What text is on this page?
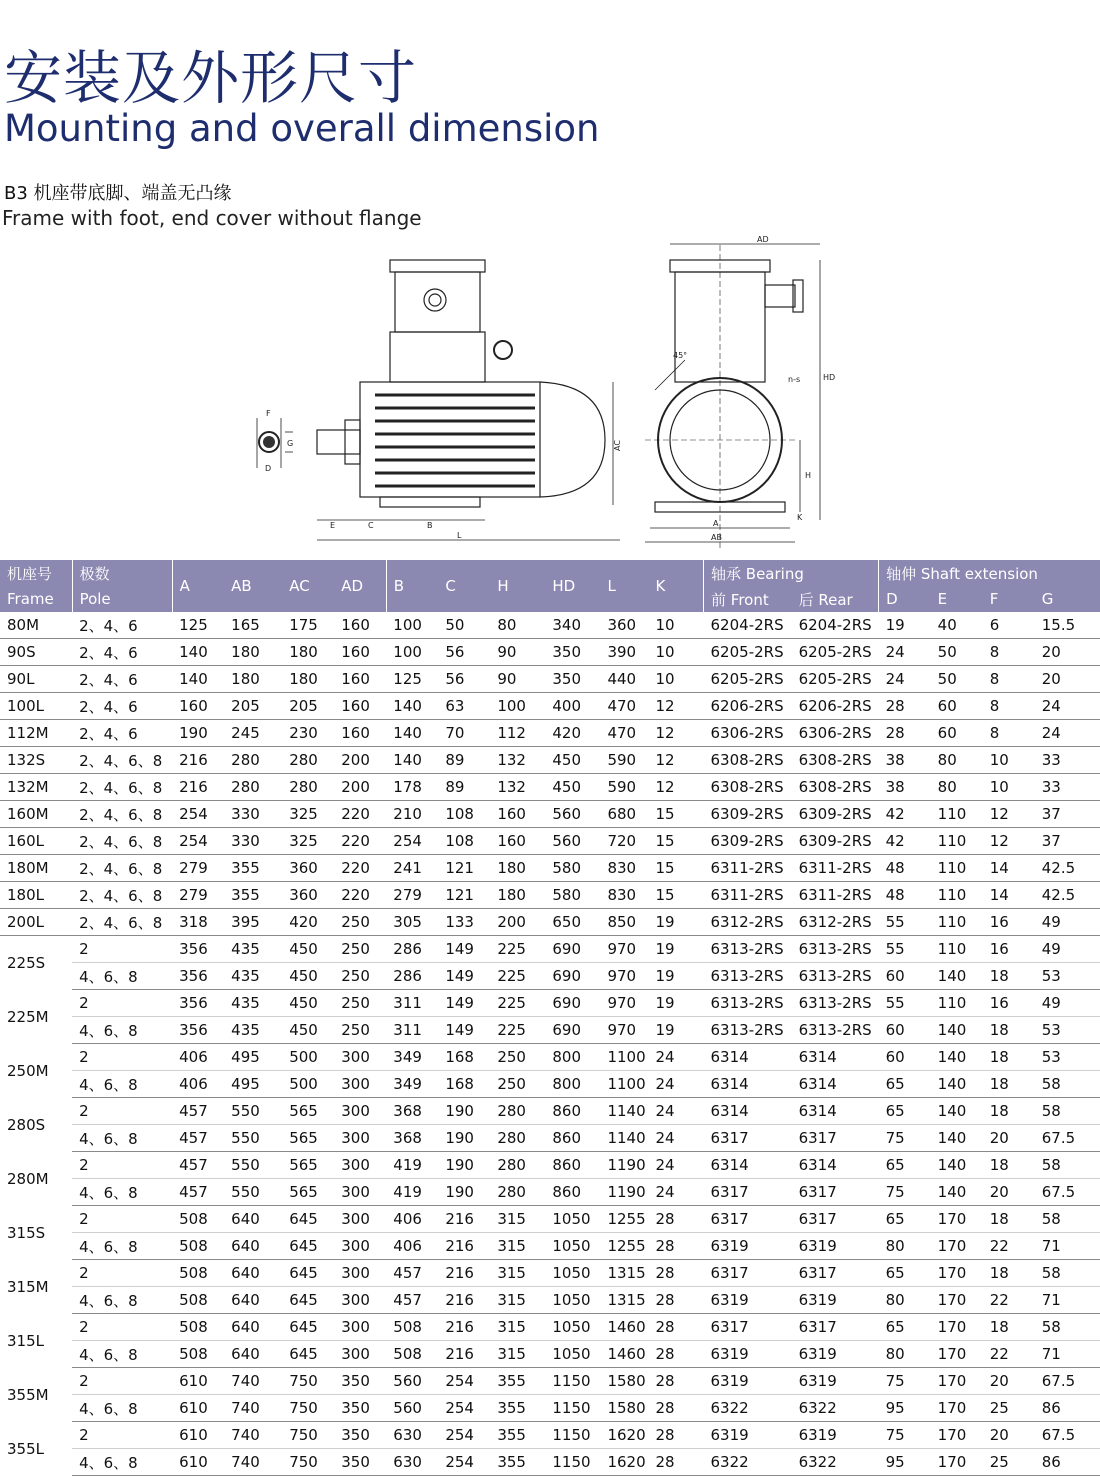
安装及外形尺寸
Mounting and overall dimension
B3 机座带底脚、端盖无凸缘
Frame with foot, end cover without flange
F
G
D
E	C	B
L
AC
AD
HD
H
K
A
AB
n-s
45°
机座号	极数	A	AB	AC	AD	B	C	H	HD	L	K	轴承 Bearing		轴伸 Shaft extension			
Frame	Pole											前 Front	后 Rear	D	E	F	G
80M	2、4、6	125	165	175	160	100	50	80	340	360	10	6204-2RS	6204-2RS	19	40	6	15.5
90S	2、4、6	140	180	180	160	100	56	90	350	390	10	6205-2RS	6205-2RS	24	50	8	20
90L	2、4、6	140	180	180	160	125	56	90	350	440	10	6205-2RS	6205-2RS	24	50	8	20
100L	2、4、6	160	205	205	160	140	63	100	400	470	12	6206-2RS	6206-2RS	28	60	8	24
112M	2、4、6	190	245	230	160	140	70	112	420	470	12	6306-2RS	6306-2RS	28	60	8	24
132S	2、4、6、8	216	280	280	200	140	89	132	450	590	12	6308-2RS	6308-2RS	38	80	10	33
132M	2、4、6、8	216	280	280	200	178	89	132	450	590	12	6308-2RS	6308-2RS	38	80	10	33
160M	2、4、6、8	254	330	325	220	210	108	160	560	680	15	6309-2RS	6309-2RS	42	110	12	37
160L	2、4、6、8	254	330	325	220	254	108	160	560	720	15	6309-2RS	6309-2RS	42	110	12	37
180M	2、4、6、8	279	355	360	220	241	121	180	580	830	15	6311-2RS	6311-2RS	48	110	14	42.5
180L	2、4、6、8	279	355	360	220	279	121	180	580	830	15	6311-2RS	6311-2RS	48	110	14	42.5
200L	2、4、6、8	318	395	420	250	305	133	200	650	850	19	6312-2RS	6312-2RS	55	110	16	49
225S	2	356	435	450	250	286	149	225	690	970	19	6313-2RS	6313-2RS	55	110	16	49
	4、6、8	356	435	450	250	286	149	225	690	970	19	6313-2RS	6313-2RS	60	140	18	53
225M	2	356	435	450	250	311	149	225	690	970	19	6313-2RS	6313-2RS	55	110	16	49
	4、6、8	356	435	450	250	311	149	225	690	970	19	6313-2RS	6313-2RS	60	140	18	53
250M	2	406	495	500	300	349	168	250	800	1100	24	6314	6314	60	140	18	53
	4、6、8	406	495	500	300	349	168	250	800	1100	24	6314	6314	65	140	18	58
280S	2	457	550	565	300	368	190	280	860	1140	24	6314	6314	65	140	18	58
	4、6、8	457	550	565	300	368	190	280	860	1140	24	6317	6317	75	140	20	67.5
280M	2	457	550	565	300	419	190	280	860	1190	24	6314	6314	65	140	18	58
	4、6、8	457	550	565	300	419	190	280	860	1190	24	6317	6317	75	140	20	67.5
315S	2	508	640	645	300	406	216	315	1050	1255	28	6317	6317	65	170	18	58
	4、6、8	508	640	645	300	406	216	315	1050	1255	28	6319	6319	80	170	22	71
315M	2	508	640	645	300	457	216	315	1050	1315	28	6317	6317	65	170	18	58
	4、6、8	508	640	645	300	457	216	315	1050	1315	28	6319	6319	80	170	22	71
315L	2	508	640	645	300	508	216	315	1050	1460	28	6317	6317	65	170	18	58
	4、6、8	508	640	645	300	508	216	315	1050	1460	28	6319	6319	80	170	22	71
355M	2	610	740	750	350	560	254	355	1150	1580	28	6319	6319	75	170	20	67.5
	4、6、8	610	740	750	350	560	254	355	1150	1580	28	6322	6322	95	170	25	86
355L	2	610	740	750	350	630	254	355	1150	1620	28	6319	6319	75	170	20	67.5
	4、6、8	610	740	750	350	630	254	355	1150	1620	28	6322	6322	95	170	25	86
